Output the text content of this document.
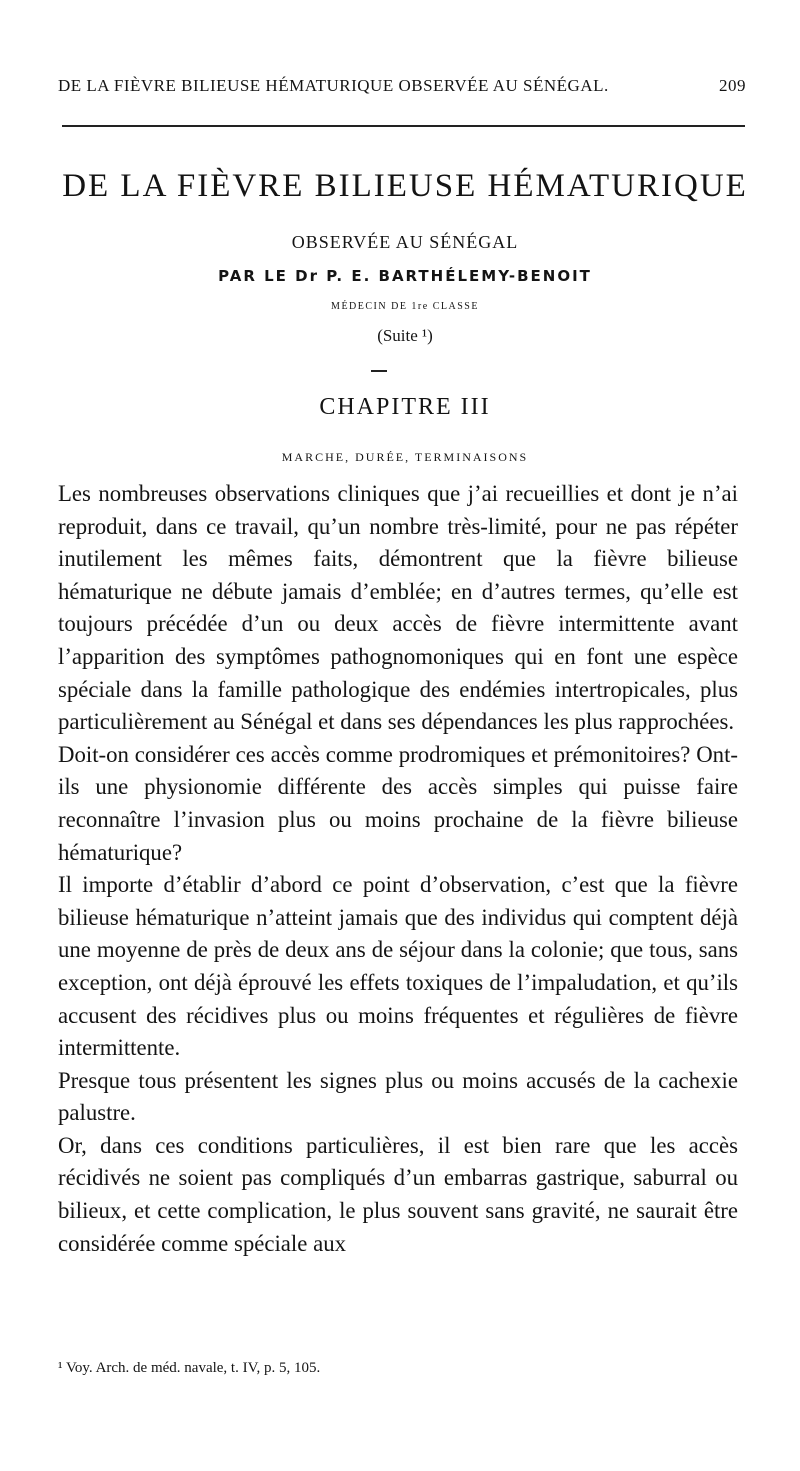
DE LA FIÈVRE BILIEUSE HÉMATURIQUE OBSERVÉE AU SÉNÉGAL.	209
DE LA FIÈVRE BILIEUSE HÉMATURIQUE
OBSERVÉE AU SÉNÉGAL
PAR LE Dr P. E. BARTHÉLEMY-BENOIT
MÉDECIN DE 1re CLASSE
(Suite ¹)
CHAPITRE III
MARCHE, DURÉE, TERMINAISONS

Les nombreuses observations cliniques que j’ai recueillies et dont je n’ai reproduit, dans ce travail, qu’un nombre très-limité, pour ne pas répéter inutilement les mêmes faits, démontrent que la fièvre bilieuse hématurique ne débute jamais d’emblée; en d’autres termes, qu’elle est toujours précédée d’un ou deux accès de fièvre intermittente avant l’apparition des symptômes pathognomoniques qui en font une espèce spéciale dans la famille pathologique des endémies intertropicales, plus particulièrement au Sénégal et dans ses dépendances les plus rapprochées.

Doit-on considérer ces accès comme prodromiques et prémonitoires? Ont-ils une physionomie différente des accès simples qui puisse faire reconnaître l’invasion plus ou moins prochaine de la fièvre bilieuse hématurique?

Il importe d’établir d’abord ce point d’observation, c’est que la fièvre bilieuse hématurique n’atteint jamais que des individus qui comptent déjà une moyenne de près de deux ans de séjour dans la colonie; que tous, sans exception, ont déjà éprouvé les effets toxiques de l’impaludation, et qu’ils accusent des récidives plus ou moins fréquentes et régulières de fièvre intermittente.

Presque tous présentent les signes plus ou moins accusés de la cachexie palustre.

Or, dans ces conditions particulières, il est bien rare que les accès récidivés ne soient pas compliqués d’un embarras gastrique, saburral ou bilieux, et cette complication, le plus souvent sans gravité, ne saurait être considérée comme spéciale aux

¹ Voy. Arch. de méd. navale, t. IV, p. 5, 105.
